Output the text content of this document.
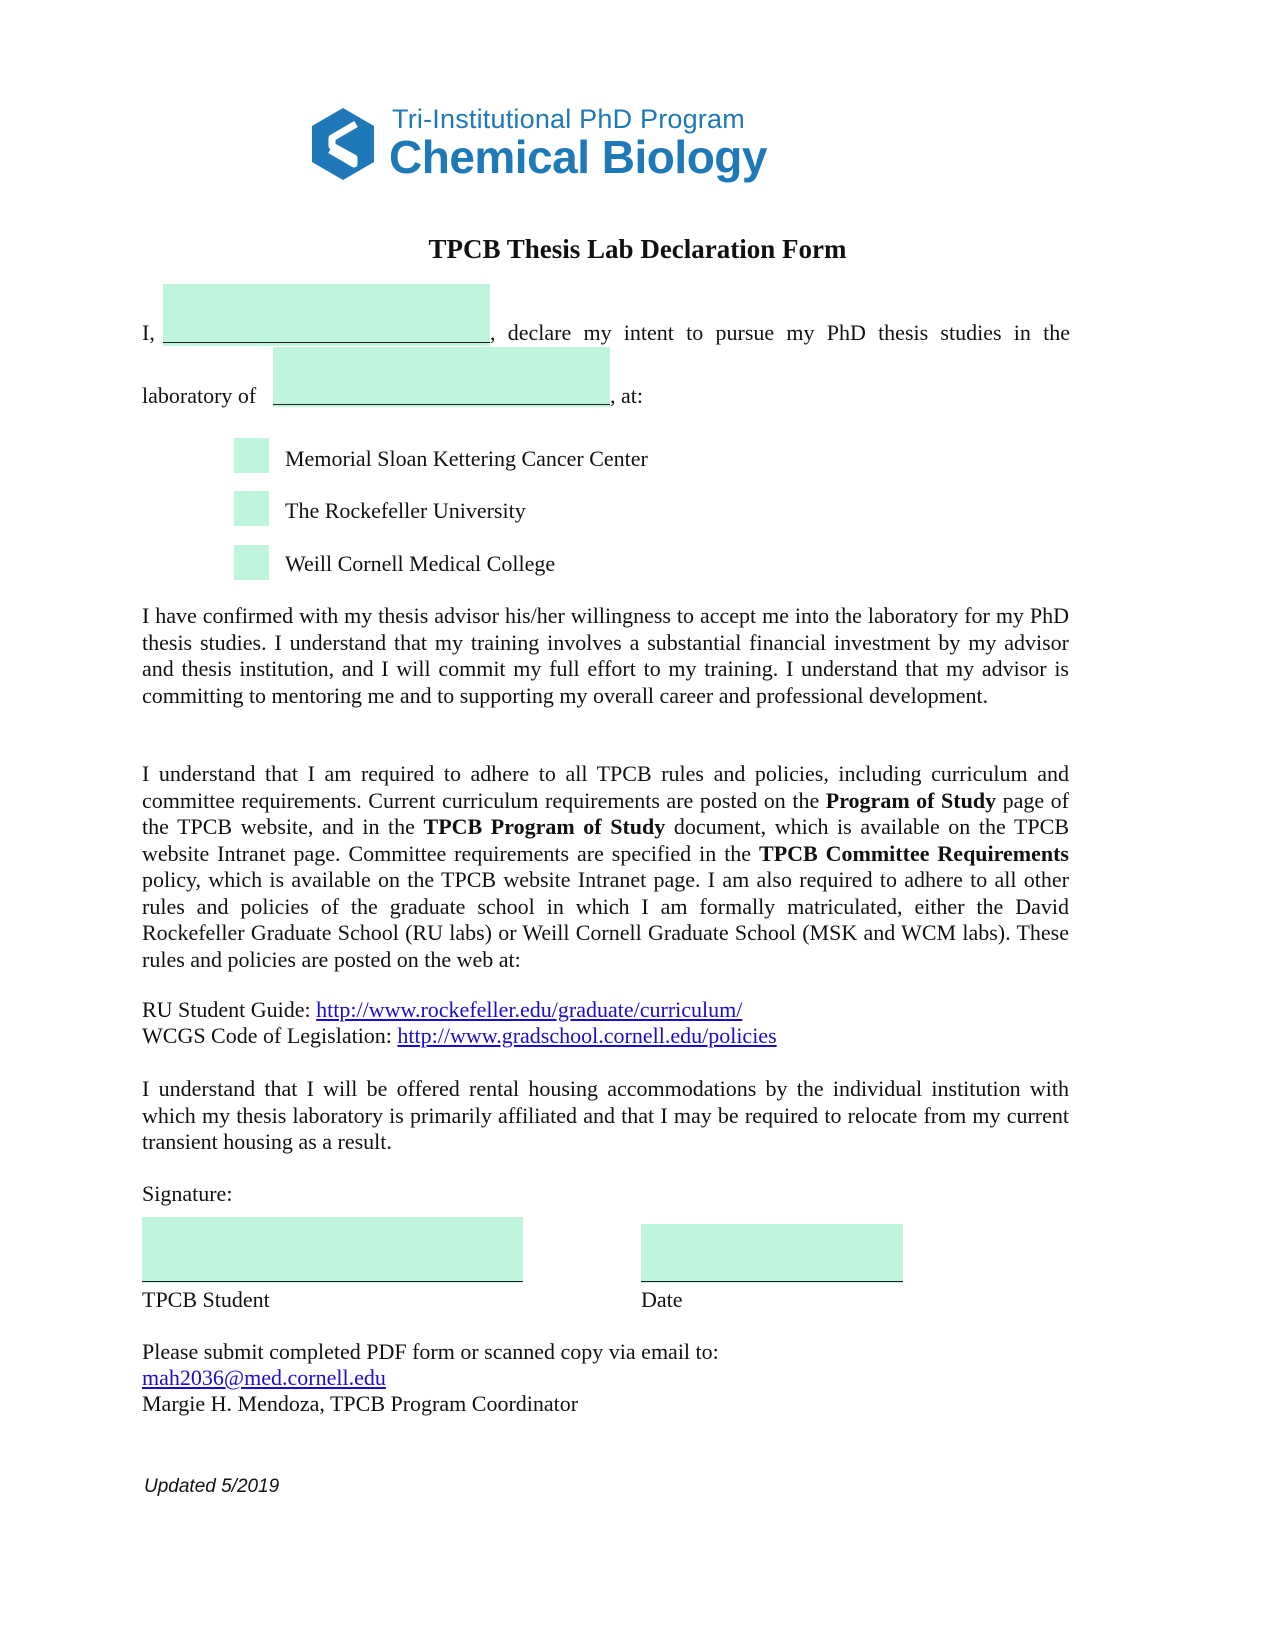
Tri-Institutional PhD Program
Chemical Biology
TPCB Thesis Lab Declaration Form
I,	, declare my intent to pursue my PhD thesis studies in the
laboratory of	, at:
Memorial Sloan Kettering Cancer Center
The Rockefeller University
Weill Cornell Medical College
I have confirmed with my thesis advisor his/her willingness to accept me into the laboratory for my PhD thesis studies. I understand that my training involves a substantial financial investment by my advisor and thesis institution, and I will commit my full effort to my training. I understand that my advisor is committing to mentoring me and to supporting my overall career and professional development.
I understand that I am required to adhere to all TPCB rules and policies, including curriculum and committee requirements. Current curriculum requirements are posted on the Program of Study page of the TPCB website, and in the TPCB Program of Study document, which is available on the TPCB website Intranet page. Committee requirements are specified in the TPCB Committee Requirements policy, which is available on the TPCB website Intranet page. I am also required to adhere to all other rules and policies of the graduate school in which I am formally matriculated, either the David Rockefeller Graduate School (RU labs) or Weill Cornell Graduate School (MSK and WCM labs). These rules and policies are posted on the web at:
RU Student Guide: http://www.rockefeller.edu/graduate/curriculum/
WCGS Code of Legislation: http://www.gradschool.cornell.edu/policies
I understand that I will be offered rental housing accommodations by the individual institution with which my thesis laboratory is primarily affiliated and that I may be required to relocate from my current transient housing as a result.
Signature:
TPCB Student	Date
Please submit completed PDF form or scanned copy via email to:
mah2036@med.cornell.edu
Margie H. Mendoza, TPCB Program Coordinator
Updated 5/2019
